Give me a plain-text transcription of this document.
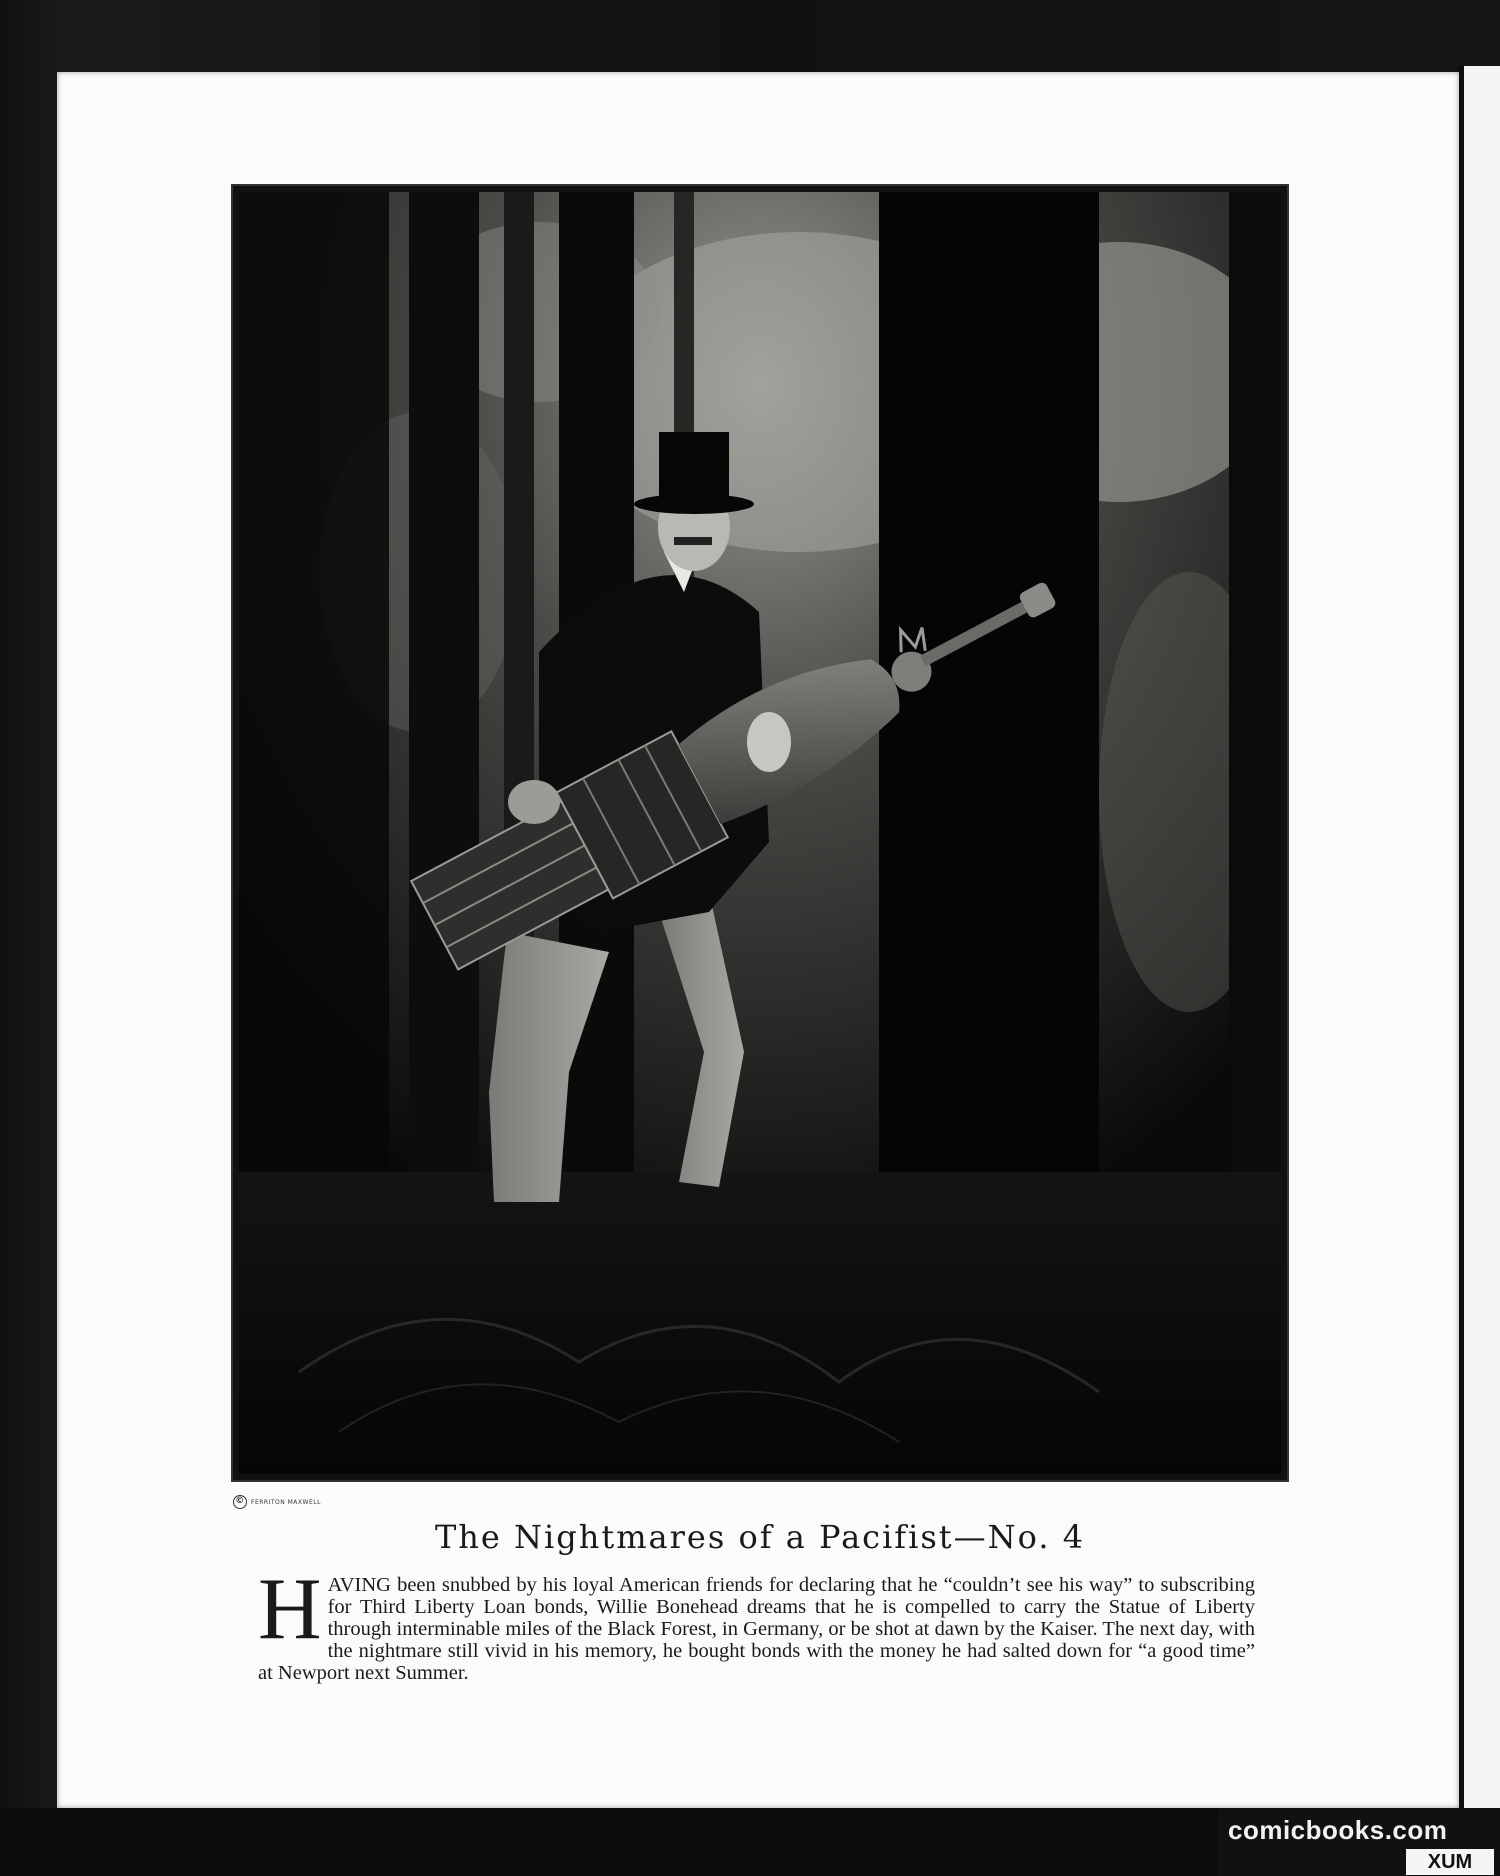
©	FERRITON MAXWELL
The Nightmares of a Pacifist—No. 4
H AVING been snubbed by his loyal American friends for declaring that he “couldn’t see his way” to subscribing for Third Liberty Loan bonds, Willie Bonehead dreams that he is compelled to carry the Statue of Liberty through interminable miles of the Black Forest, in Germany, or be shot at dawn by the Kaiser. The next day, with the nightmare still vivid in his memory, he bought bonds with the money he had salted down for “a good time” at Newport next Summer.
comicbooks.com
XUM
